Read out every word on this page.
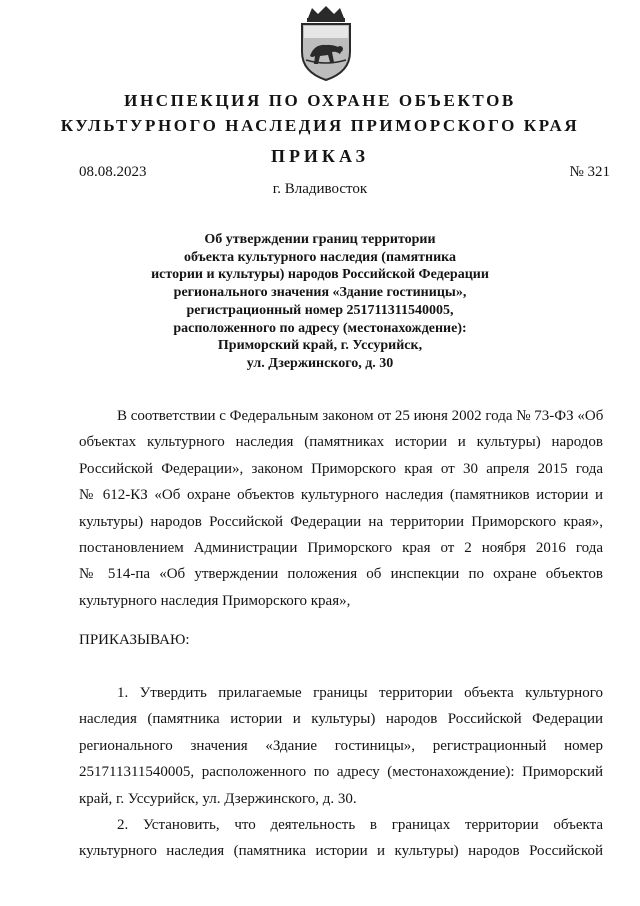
ИНСПЕКЦИЯ ПО ОХРАНЕ ОБЪЕКТОВ
КУЛЬТУРНОГО НАСЛЕДИЯ ПРИМОРСКОГО КРАЯ
ПРИКАЗ
08.08.2023	№ 321
г. Владивосток
Об утверждении границ территории
объекта культурного наследия (памятника
истории и культуры) народов Российской Федерации
регионального значения «Здание гостиницы»,
регистрационный номер 251711311540005,
расположенного по адресу (местонахождение):
Приморский край, г. Уссурийск,
ул. Дзержинского, д. 30
В соответствии с Федеральным законом от 25 июня 2002 года № 73-ФЗ «Об
объектах культурного наследия (памятниках истории и культуры) народов
Российской Федерации», законом Приморского края от 30 апреля 2015 года
№ 612-КЗ «Об охране объектов культурного наследия (памятников истории и
культуры) народов Российской Федерации на территории Приморского края»,
постановлением Администрации Приморского края от 2 ноября 2016 года
№ 514-па «Об утверждении положения об инспекции по охране объектов
культурного наследия Приморского края»,
ПРИКАЗЫВАЮ:
1. Утвердить прилагаемые границы территории объекта культурного
наследия (памятника истории и культуры) народов Российской Федерации
регионального значения «Здание гостиницы», регистрационный номер
251711311540005, расположенного по адресу (местонахождение): Приморский
край, г. Уссурийск, ул. Дзержинского, д. 30.
2. Установить, что деятельность в границах территории объекта
культурного наследия (памятника истории и культуры) народов Российской
